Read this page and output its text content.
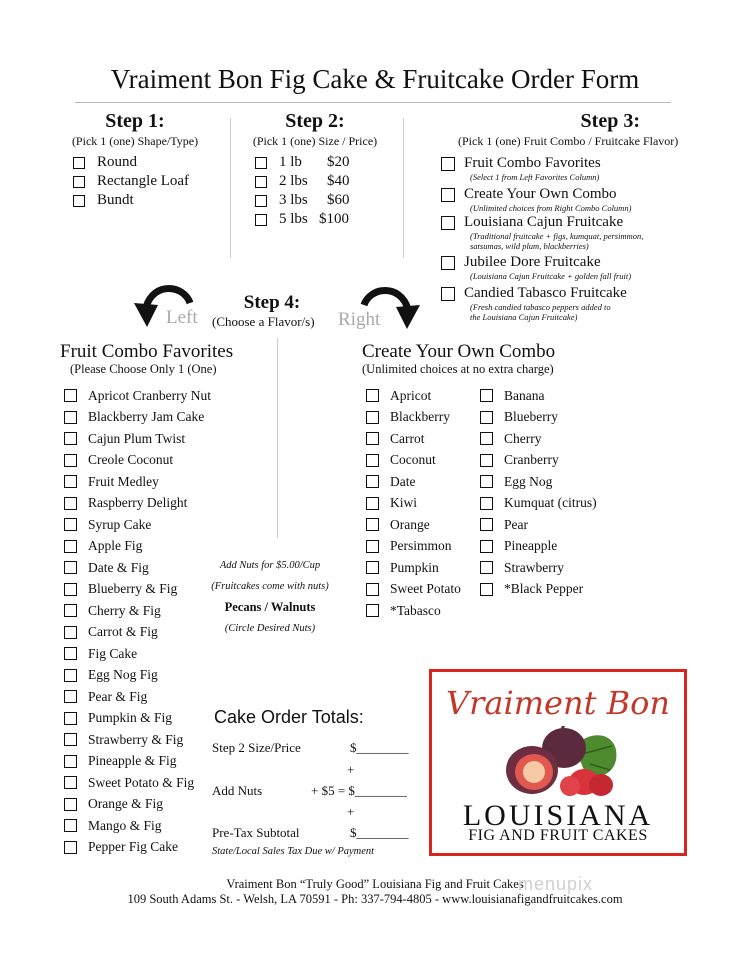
Vraiment Bon Fig Cake & Fruitcake Order Form
Step 1:
(Pick 1 (one) Shape/Type)
Round
Rectangle Loaf
Bundt
Step 2:
(Pick 1 (one) Size / Price)
1 lb	$20
2 lbs	$40
3 lbs	$60
5 lbs $100
Step 3:
(Pick 1 (one) Fruit Combo / Fruitcake Flavor)
Fruit Combo Favorites
(Select 1 from Left Favorites Column)
Create Your Own Combo
(Unlimited choices from Right Combo Column)
Louisiana Cajun Fruitcake
(Traditional fruitcake + figs, kumquat, persimmon, satsumas, wild plum, blackberries)
Jubilee Dore Fruitcake
(Louisiana Cajun Fruitcake + golden fall fruit)
Candied Tabasco Fruitcake
(Fresh candied tabasco peppers added to the Louisiana Cajun Fruitcake)
Left
Step 4:
(Choose a Flavor/s) Right
Fruit Combo Favorites
(Please Choose Only 1 (One)
Apricot Cranberry Nut
Blackberry Jam Cake
Cajun Plum Twist
Creole Coconut
Fruit Medley
Raspberry Delight
Syrup Cake
Apple Fig
Date & Fig
Blueberry & Fig
Cherry & Fig
Carrot & Fig
Fig Cake
Egg Nog Fig
Pear & Fig
Pumpkin & Fig
Strawberry & Fig
Pineapple & Fig
Sweet Potato & Fig
Orange & Fig
Mango & Fig
Pepper Fig Cake
Create Your Own Combo
(Unlimited choices at no extra charge)
Apricot
Blackberry
Carrot
Coconut
Date
Kiwi
Orange
Persimmon
Pumpkin
Sweet Potato
*Tabasco
Banana
Blueberry
Cherry
Cranberry
Egg Nog
Kumquat (citrus)
Pear
Pineapple
Strawberry
*Black Pepper
Add Nuts for $5.00/Cup
(Fruitcakes come with nuts)
Pecans / Walnuts
(Circle Desired Nuts)
Cake Order Totals:
Step 2 Size/Price	$________
+
Add Nuts	+ $5 = $________
+
Pre-Tax Subtotal	$________
State/Local Sales Tax Due w/ Payment
Vraiment Bon
LOUISIANA
FIG AND FRUIT CAKES
Vraiment Bon “Truly Good” Louisiana Fig and Fruit Cakes
109 South Adams St. - Welsh, LA 70591 - Ph: 337-794-4805 - www.louisianafigandfruitcakes.com
menupix
